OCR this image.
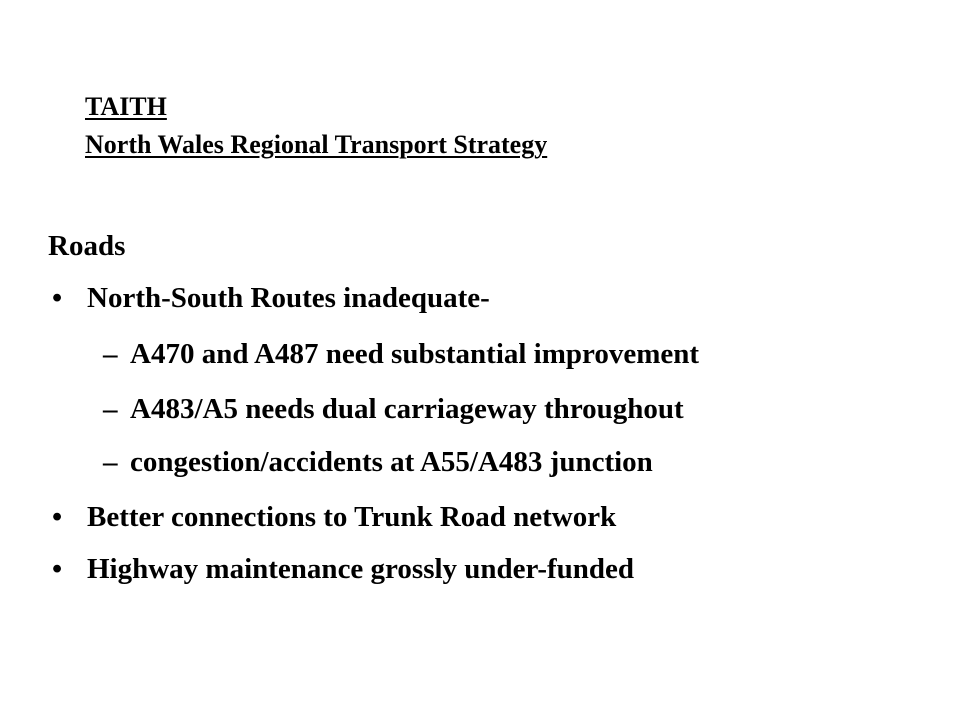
TAITH
North Wales Regional Transport Strategy
Roads
• North-South Routes inadequate-
– A470 and A487 need substantial improvement
– A483/A5 needs dual carriageway throughout
– congestion/accidents at A55/A483 junction
• Better connections to Trunk Road network
• Highway maintenance grossly under-funded
